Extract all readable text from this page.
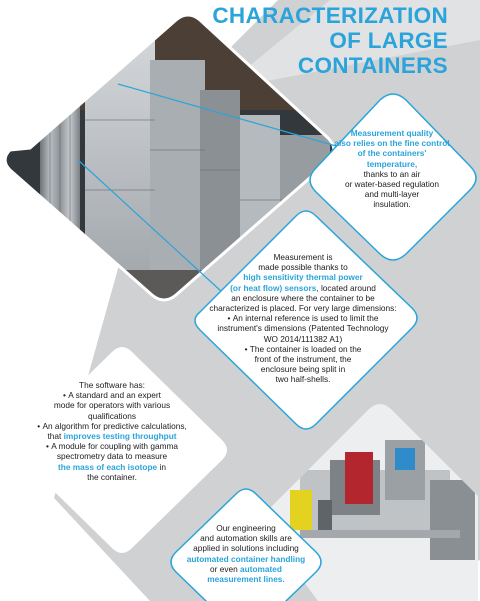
CHARACTERIZATION
OF LARGE
CONTAINERS
Measurement quality
also relies on the fine control
of the containers' temperature,
thanks to an air
or water-based regulation
and multi-layer
insulation.
Measurement is
made possible thanks to
high sensitivity thermal power
(or heat flow) sensors, located around
an enclosure where the container to be
characterized is placed. For very large dimensions:
• An internal reference is used to limit the
instrument's dimensions (Patented Technology
WO 2014/111382 A1)
• The container is loaded on the
front of the instrument, the
enclosure being split in
two half-shells.
The software has:
• A standard and an expert
mode for operators with various
qualifications
• An algorithm for predictive calculations,
that improves testing throughput
• A module for coupling with gamma
spectrometry data to measure
the mass of each isotope in
the container.
Our engineering
and automation skills are
applied in solutions including
automated container handling
or even automated
measurement lines.
